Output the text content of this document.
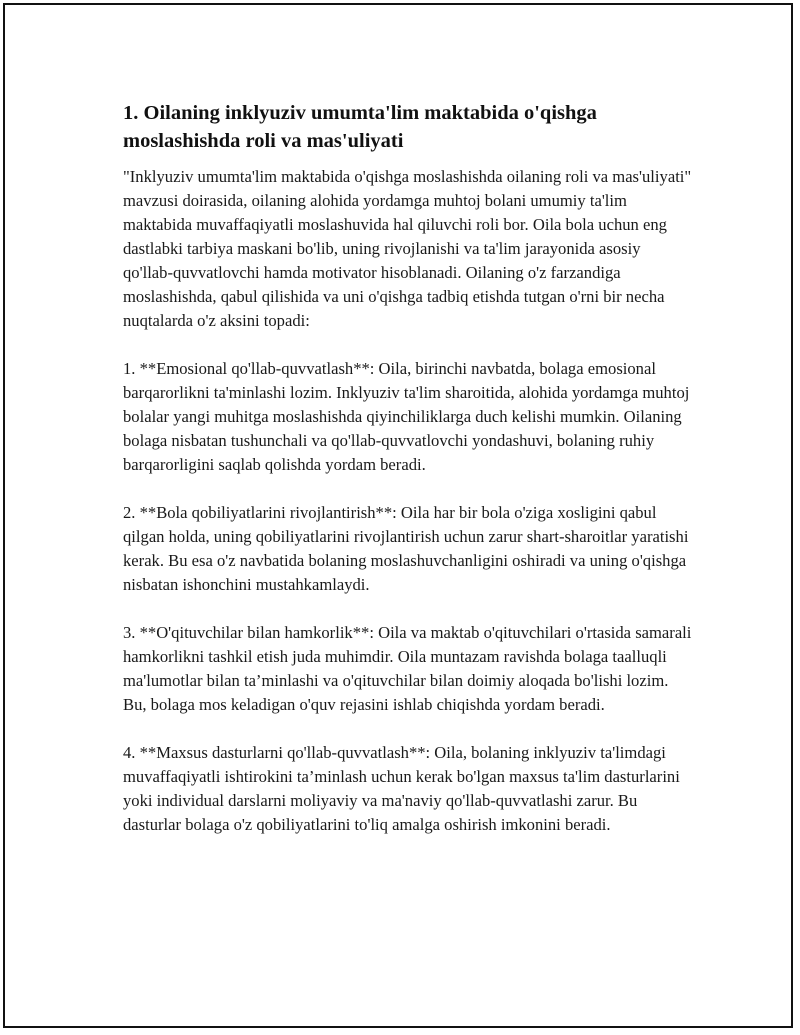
1. Oilaning inklyuziv umumta'lim maktabida o'qishga moslashishda roli va mas'uliyati

"Inklyuziv umumta'lim maktabida o'qishga moslashishda oilaning roli va mas'uliyati" mavzusi doirasida, oilaning alohida yordamga muhtoj bolani umumiy ta'lim maktabida muvaffaqiyatli moslashuvida hal qiluvchi roli bor. Oila bola uchun eng dastlabki tarbiya maskani bo'lib, uning rivojlanishi va ta'lim jarayonida asosiy qo'llab-quvvatlovchi hamda motivator hisoblanadi. Oilaning o'z farzandiga moslashishda, qabul qilishida va uni o'qishga tadbiq etishda tutgan o'rni bir necha nuqtalarda o'z aksini topadi:

1. **Emosional qo'llab-quvvatlash**: Oila, birinchi navbatda, bolaga emosional barqarorlikni ta'minlashi lozim. Inklyuziv ta'lim sharoitida, alohida yordamga muhtoj bolalar yangi muhitga moslashishda qiyinchiliklarga duch kelishi mumkin. Oilaning bolaga nisbatan tushunchali va qo'llab-quvvatlovchi yondashuvi, bolaning ruhiy barqarorligini saqlab qolishda yordam beradi.

2. **Bola qobiliyatlarini rivojlantirish**: Oila har bir bola o'ziga xosligini qabul qilgan holda, uning qobiliyatlarini rivojlantirish uchun zarur shart-sharoitlar yaratishi kerak. Bu esa o'z navbatida bolaning moslashuvchanligini oshiradi va uning o'qishga nisbatan ishonchini mustahkamlaydi.

3. **O'qituvchilar bilan hamkorlik**: Oila va maktab o'qituvchilari o'rtasida samarali hamkorlikni tashkil etish juda muhimdir. Oila muntazam ravishda bolaga taalluqli ma'lumotlar bilan ta’minlashi va o'qituvchilar bilan doimiy aloqada bo'lishi lozim. Bu, bolaga mos keladigan o'quv rejasini ishlab chiqishda yordam beradi.

4. **Maxsus dasturlarni qo'llab-quvvatlash**: Oila, bolaning inklyuziv ta'limdagi muvaffaqiyatli ishtirokini ta’minlash uchun kerak bo'lgan maxsus ta'lim dasturlarini yoki individual darslarni moliyaviy va ma'naviy qo'llab-quvvatlashi zarur. Bu dasturlar bolaga o'z qobiliyatlarini to'liq amalga oshirish imkonini beradi.
